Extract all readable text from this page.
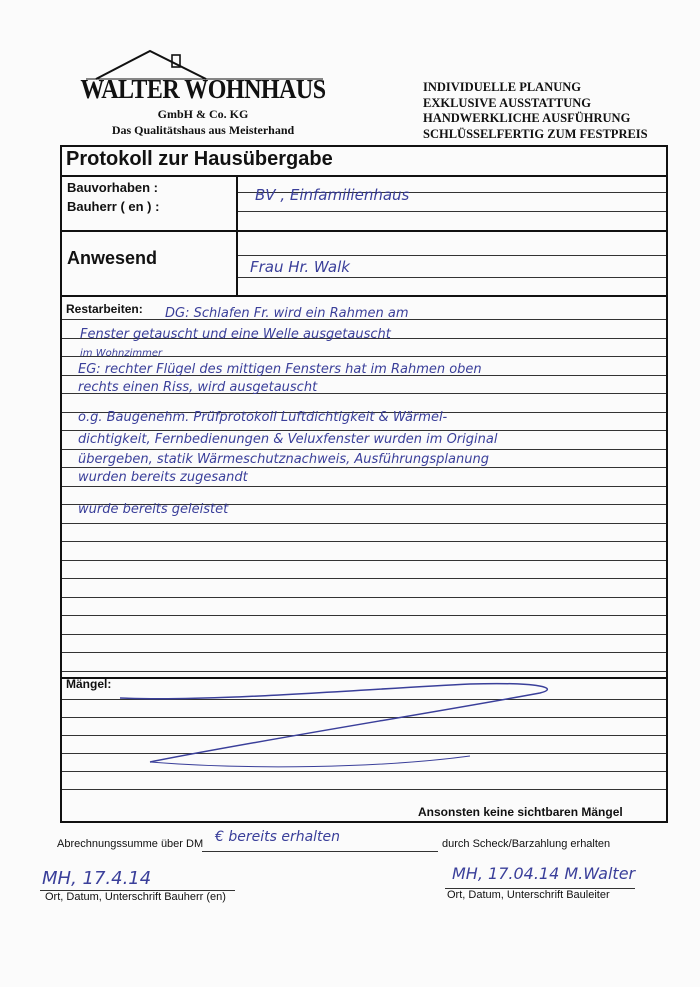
WALTER WOHNHAUS
GmbH & Co. KG
Das Qualitätshaus aus Meisterhand
INDIVIDUELLE PLANUNG
EXKLUSIVE AUSSTATTUNG
HANDWERKLICHE AUSFÜHRUNG
SCHLÜSSELFERTIG ZUM FESTPREIS
Protokoll zur Hausübergabe
Bauvorhaben :
Bauherr ( en ) :
BV , Einfamilienhaus
Anwesend	Frau Hr. Walk
Restarbeiten: DG: Schlafen Fr. wird ein Rahmen am
Fenster getauscht und eine Welle ausgetauscht
im Wohnzimmer
EG: rechter Flügel des mittigen Fensters hat im Rahmen oben
rechts einen Riss, wird ausgetauscht
o.g. Baugenehm. Prüfprotokoll Luftdichtigkeit & Wärmel-
dichtigkeit, Fernbedienungen & Veluxfenster wurden im Original
übergeben, statik Wärmeschutznachweis, Ausführungsplanung
wurden bereits zugesandt
wurde bereits geleistet
Mängel:
Ansonsten keine sichtbaren Mängel
Abrechnungssumme über DM € bereits erhalten	durch Scheck/Barzahlung erhalten
MH, 17.4.14
Ort, Datum, Unterschrift Bauherr (en)
MH, 17.04.14 M.Walter
Ort, Datum, Unterschrift Bauleiter
